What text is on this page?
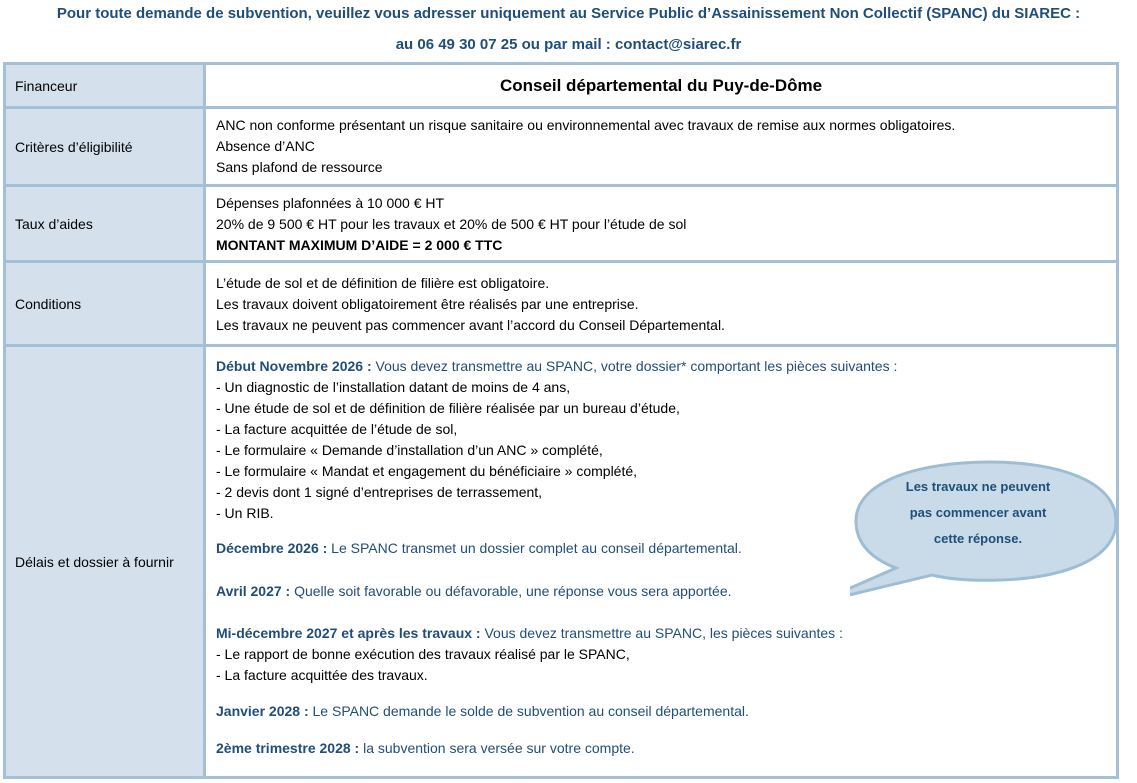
Pour toute demande de subvention, veuillez vous adresser uniquement au Service Public d’Assainissement Non Collectif (SPANC) du SIAREC :
au 06 49 30 07 25 ou par mail : contact@siarec.fr
Financeur	Conseil départemental du Puy-de-Dôme
Critères d’éligibilité
ANC non conforme présentant un risque sanitaire ou environnemental avec travaux de remise aux normes obligatoires.
Absence d’ANC
Sans plafond de ressource
Taux d’aides
Dépenses plafonnées à 10 000 € HT
20% de 9 500 € HT pour les travaux et 20% de 500 € HT pour l’étude de sol
MONTANT MAXIMUM D’AIDE = 2 000 € TTC
Conditions
L’étude de sol et de définition de filière est obligatoire.
Les travaux doivent obligatoirement être réalisés par une entreprise.
Les travaux ne peuvent pas commencer avant l’accord du Conseil Départemental.
Délais et dossier à fournir
Début Novembre 2026 : Vous devez transmettre au SPANC, votre dossier* comportant les pièces suivantes :
- Un diagnostic de l’installation datant de moins de 4 ans,
- Une étude de sol et de définition de filière réalisée par un bureau d’étude,
- La facture acquittée de l’étude de sol,
- Le formulaire « Demande d’installation d’un ANC » complété,
- Le formulaire « Mandat et engagement du bénéficiaire » complété,
- 2 devis dont 1 signé d’entreprises de terrassement,
- Un RIB.
Décembre 2026 : Le SPANC transmet un dossier complet au conseil départemental.
Avril 2027 : Quelle soit favorable ou défavorable, une réponse vous sera apportée.
Mi-décembre 2027 et après les travaux : Vous devez transmettre au SPANC, les pièces suivantes :
- Le rapport de bonne exécution des travaux réalisé par le SPANC,
- La facture acquittée des travaux.
Janvier 2028 : Le SPANC demande le solde de subvention au conseil départemental.
2ème trimestre 2028 : la subvention sera versée sur votre compte.
Les travaux ne peuvent
pas commencer avant
cette réponse.
